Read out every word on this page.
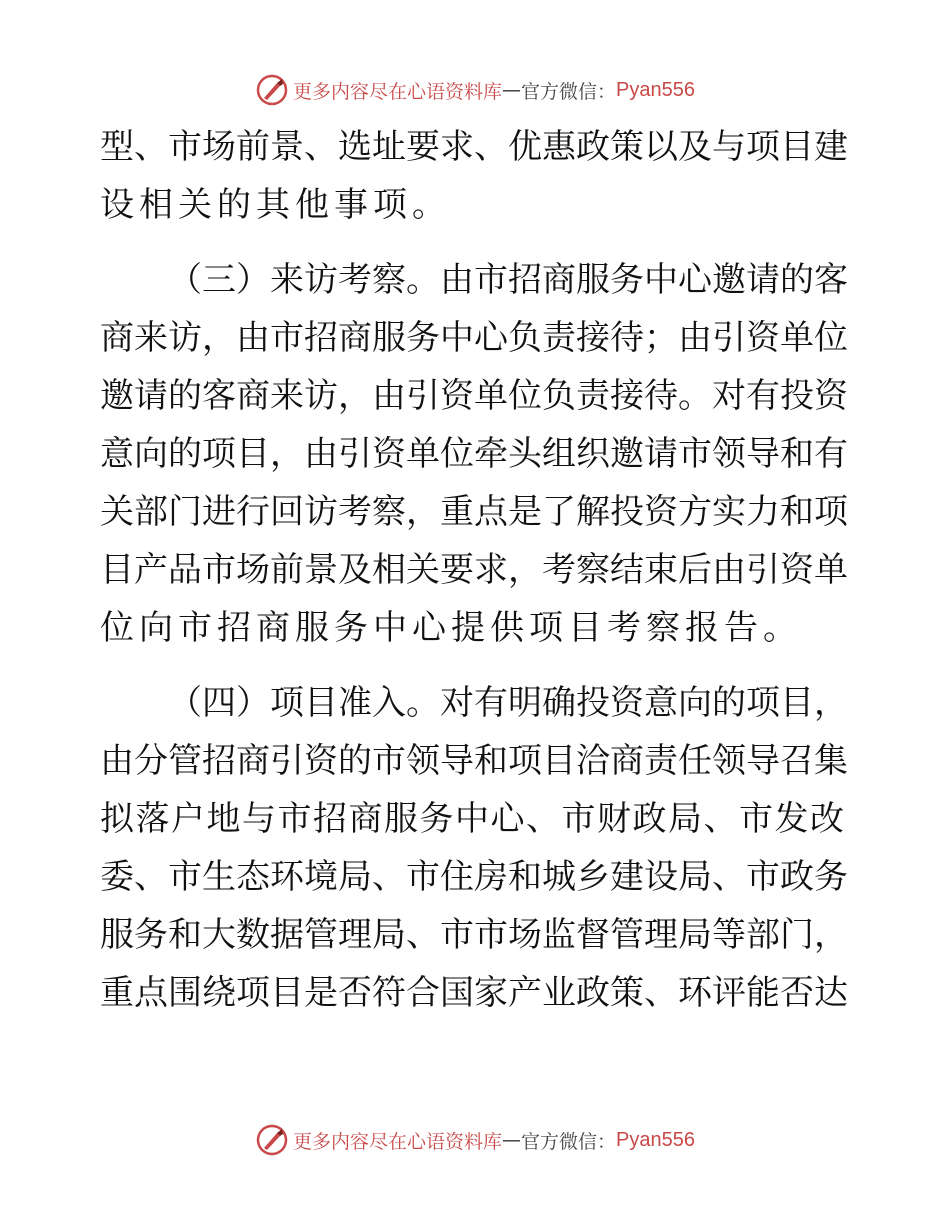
更多内容尽在心语资料库 — 官方微信： Pyan556
型、市场前景、选址要求、优惠政策以及与项目建
设相关的其他事项。
（三）来访考察。由市招商服务中心邀请的客
商来访，由市招商服务中心负责接待；由引资单位
邀请的客商来访，由引资单位负责接待。对有投资
意向的项目，由引资单位牵头组织邀请市领导和有
关部门进行回访考察，重点是了解投资方实力和项
目产品市场前景及相关要求，考察结束后由引资单
位向市招商服务中心提供项目考察报告。
（四）项目准入。对有明确投资意向的项目，
由分管招商引资的市领导和项目洽商责任领导召集
拟落户地与市招商服务中心、市财政局、市发改
委、市生态环境局、市住房和城乡建设局、市政务
服务和大数据管理局、市市场监督管理局等部门，
重点围绕项目是否符合国家产业政策、环评能否达
更多内容尽在心语资料库 — 官方微信： Pyan556
